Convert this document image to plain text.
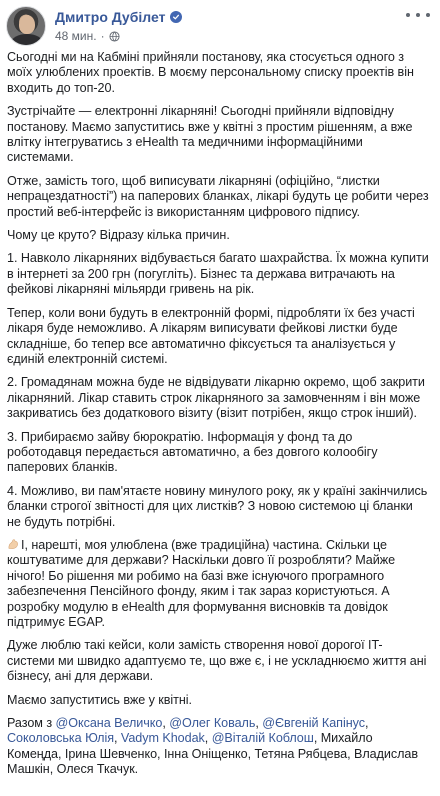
Дмитро Дубілет
48 мин. ·

Сьогодні ми на Кабміні прийняли постанову, яка стосується одного з моїх улюблених проектів. В моєму персональному списку проектів він входить до топ-20.

Зустрічайте — електронні лікарняні! Сьогодні прийняли відповідну постанову. Маємо запуститись вже у квітні з простим рішенням, а вже влітку інтегруватись з eHealth та медичними інформаційними системами.

Отже, замість того, щоб виписувати лікарняні (офіційно, “листки непрацездатності”) на паперових бланках, лікарі будуть це робити через простий веб-інтерфейс із використанням цифрового підпису.

Чому це круто? Відразу кілька причин.

1. Навколо лікарняних відбувається багато шахрайства. Їх можна купити в інтернеті за 200 грн (погугліть). Бізнес та держава витрачають на фейкові лікарняні мільярди гривень на рік.

Тепер, коли вони будуть в електронній формі, підробляти їх без участі лікаря буде неможливо. А лікарям виписувати фейкові листки буде складніше, бо тепер все автоматично фіксується та аналізується у єдиній електронній системі.

2. Громадянам можна буде не відвідувати лікарню окремо, щоб закрити лікарняний. Лікар ставить строк лікарняного за замовченням і він може закриватись без додаткового візиту (візит потрібен, якщо строк інший).

3. Прибираємо зайву бюрократію. Інформація у фонд та до роботодавця передається автоматично, а без довгого колообігу паперових бланків.

4. Можливо, ви пам'ятаєте новину минулого року, як у країні закінчились бланки строгої звітності для цих листків? З новою системою ці бланки не будуть потрібні.

І, нарешті, моя улюблена (вже традиційна) частина. Скільки це коштуватиме для держави? Наскільки довго її розробляти? Майже нічого! Бо рішення ми робимо на базі вже існуючого програмного забезпечення Пенсійного фонду, яким і так зараз користуються. А розробку модулю в eHealth для формування висновків та довідок підтримує EGAP.

Дуже люблю такі кейси, коли замість створення нової дорогої IT-системи ми швидко адаптуємо те, що вже є, і не ускладнюємо життя ані бізнесу, ані для держави.

Маємо запуститись вже у квітні.

Разом з @Оксана Величко, @Олег Коваль, @Євгеній Капінус, Соколовська Юлія, Vadym Khodak, @Віталій Коблош, Михайло Комеңда, Ірина Шевченко, Інна Оніщенко, Тетяна Рябцева, Владислав Машкін, Олеся Ткачук.
